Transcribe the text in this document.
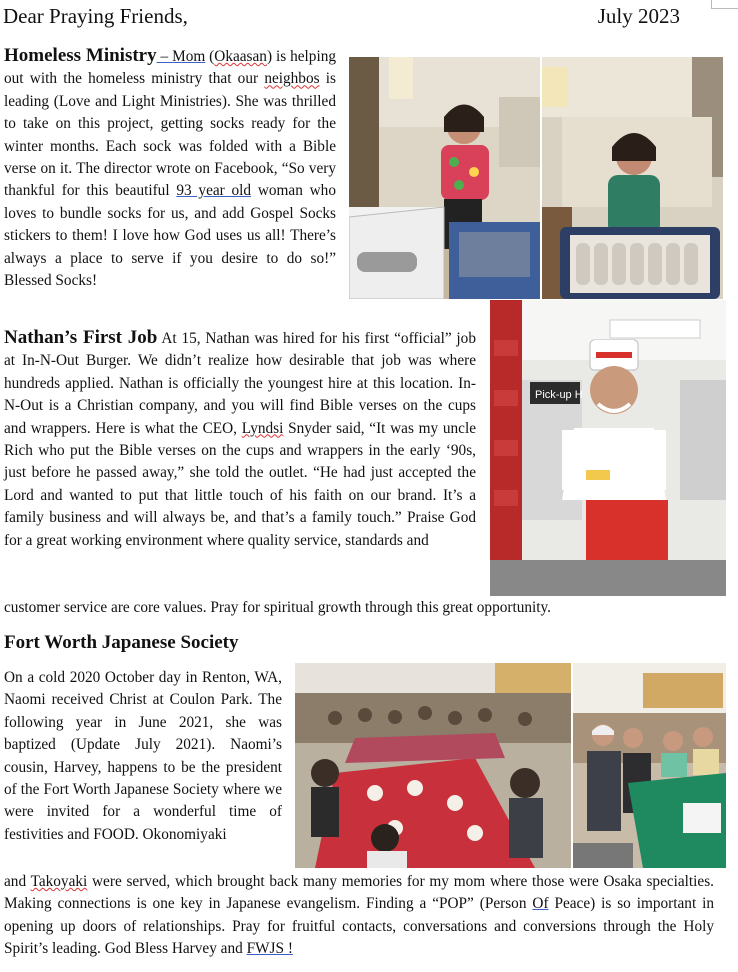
Dear Praying Friends,	July 2023
Homeless Ministry – Mom (Okaasan) is helping out with the homeless ministry that our neighbos is leading (Love and Light Ministries). She was thrilled to take on this project, getting socks ready for the winter months. Each sock was folded with a Bible verse on it. The director wrote on Facebook, “So very thankful for this beautiful 93 year old woman who loves to bundle socks for us, and add Gospel Socks stickers to them! I love how God uses us all! There’s always a place to serve if you desire to do so!” Blessed Socks!
Nathan’s First Job At 15, Nathan was hired for his first “official” job at In-N-Out Burger. We didn’t realize how desirable that job was where hundreds applied. Nathan is officially the youngest hire at this location. In-N-Out is a Christian company, and you will find Bible verses on the cups and wrappers. Here is what the CEO, Lyndsi Snyder said, “It was my uncle Rich who put the Bible verses on the cups and wrappers in the early ‘90s, just before he passed away,” she told the outlet. “He had just accepted the Lord and wanted to put that little touch of his faith on our brand. It’s a family business and will always be, and that’s a family touch.” Praise God for a great working environment where quality service, standards and
customer service are core values. Pray for spiritual growth through this great opportunity.
Pick-up H
Fort Worth Japanese Society
On a cold 2020 October day in Renton, WA, Naomi received Christ at Coulon Park. The following year in June 2021, she was baptized (Update July 2021). Naomi’s cousin, Harvey, happens to be the president of the Fort Worth Japanese Society where we were invited for a wonderful time of festivities and FOOD. Okonomiyaki
and Takoyaki were served, which brought back many memories for my mom where those were Osaka specialties. Making connections is one key in Japanese evangelism. Finding a “POP” (Person Of Peace) is so important in opening up doors of relationships. Pray for fruitful contacts, conversations and conversions through the Holy Spirit’s leading. God Bless Harvey and FWJS !
